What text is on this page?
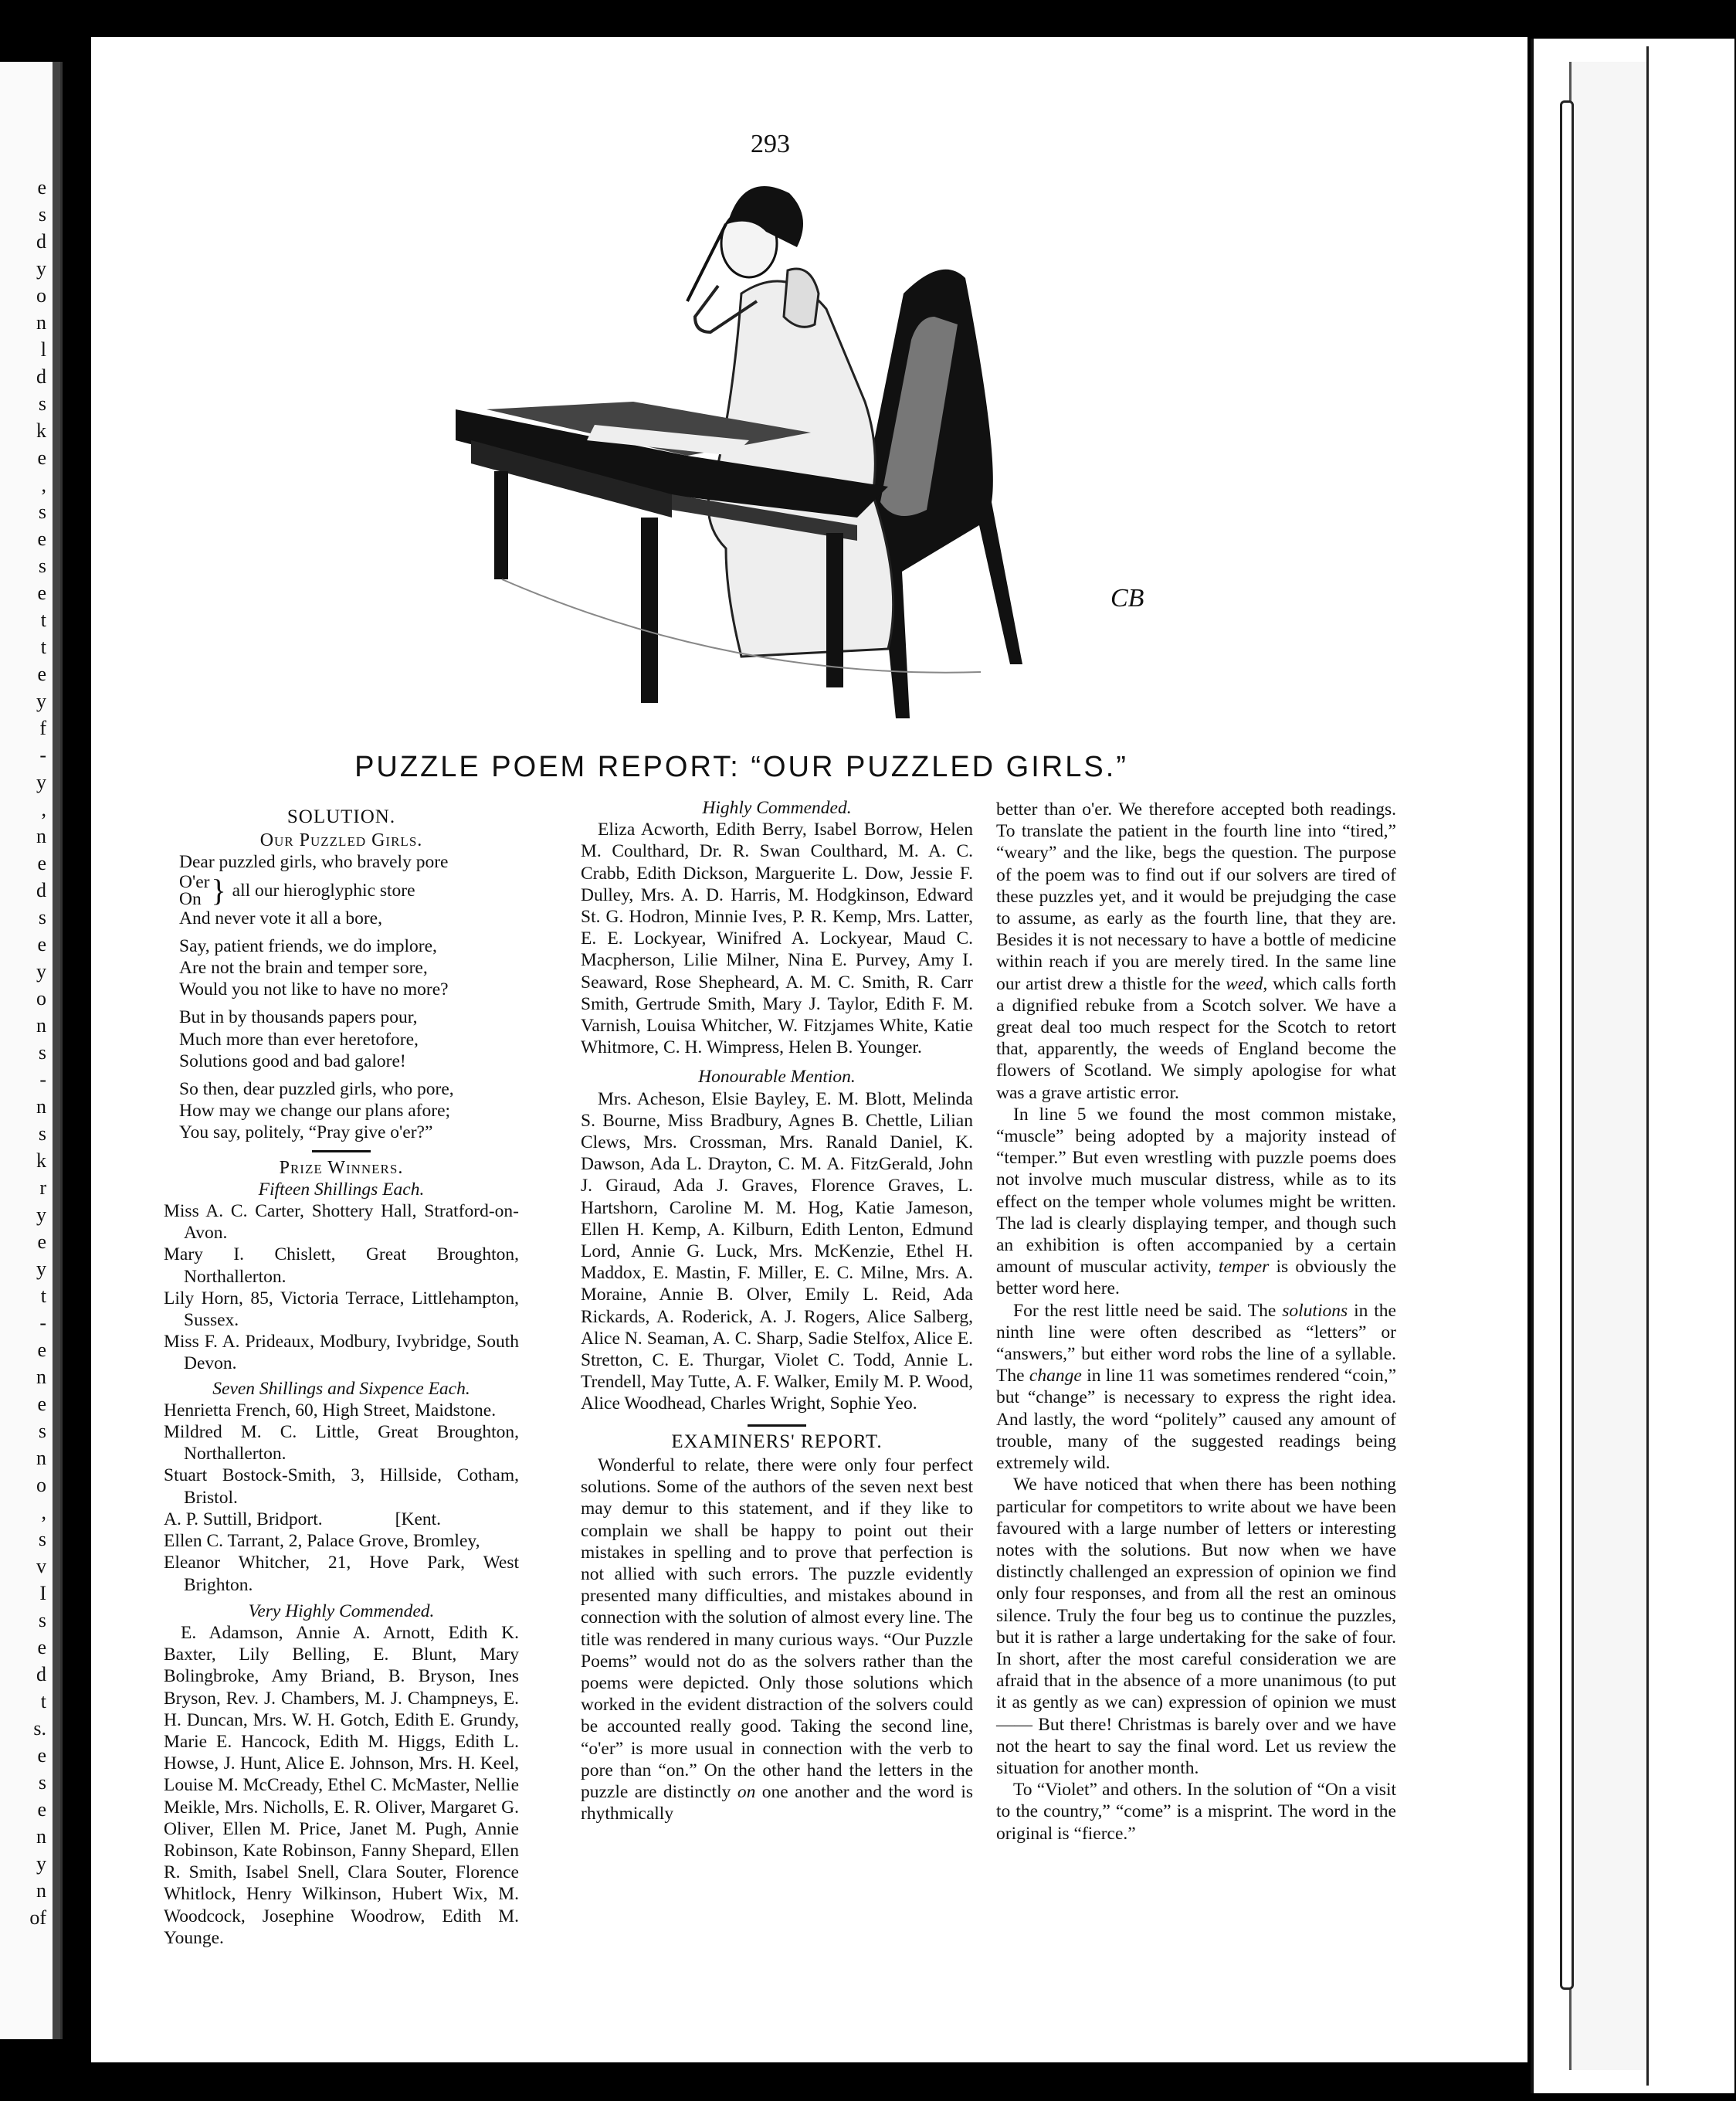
e
s
d
y
o
n
l
d
s
k
e
,
s
e
s
e
t
t
e
y
f
-
y
,
n
e
d
s
e
y
o
n
s
-
n
s
k
r
y
e
y
t
-
e
n
e
s
n
o
,
s
v
I
s
e
d
t
s.
e
s
e
n
y
n
of
293
CB
PUZZLE POEM REPORT: “OUR PUZZLED GIRLS.”
SOLUTION.
Our Puzzled Girls.

Dear puzzled girls, who bravely pore

O'er
On } all our hieroglyphic store

And never vote it all a bore,

Say, patient friends, we do implore,

Are not the brain and temper sore,

Would you not like to have no more?

But in by thousands papers pour,

Much more than ever heretofore,

Solutions good and bad galore!

So then, dear puzzled girls, who pore,

How may we change our plans afore;

You say, politely, “Pray give o'er?”

Prize Winners.
Fifteen Shillings Each.

Miss A. C. Carter, Shottery Hall, Stratford-on-Avon.

Mary I. Chislett, Great Broughton, Northallerton.

Lily Horn, 85, Victoria Terrace, Littlehampton, Sussex.

Miss F. A. Prideaux, Modbury, Ivybridge, South Devon.

Seven Shillings and Sixpence Each.

Henrietta French, 60, High Street, Maidstone.

Mildred M. C. Little, Great Broughton, Northallerton.

Stuart Bostock-Smith, 3, Hillside, Cotham, Bristol.

A. P. Suttill, Bridport.                [Kent.

Ellen C. Tarrant, 2, Palace Grove, Bromley,

Eleanor Whitcher, 21, Hove Park, West Brighton.

Very Highly Commended.

E. Adamson, Annie A. Arnott, Edith K. Baxter, Lily Belling, E. Blunt, Mary Bolingbroke, Amy Briand, B. Bryson, Ines Bryson, Rev. J. Chambers, M. J. Champneys, E. H. Duncan, Mrs. W. H. Gotch, Edith E. Grundy, Marie E. Hancock, Edith M. Higgs, Edith L. Howse, J. Hunt, Alice E. Johnson, Mrs. H. Keel, Louise M. McCready, Ethel C. McMaster, Nellie Meikle, Mrs. Nicholls, E. R. Oliver, Margaret G. Oliver, Ellen M. Price, Janet M. Pugh, Annie Robinson, Kate Robinson, Fanny Shepard, Ellen R. Smith, Isabel Snell, Clara Souter, Florence Whitlock, Henry Wilkinson, Hubert Wix, M. Woodcock, Josephine Woodrow, Edith M. Younge.

Highly Commended.

Eliza Acworth, Edith Berry, Isabel Borrow, Helen M. Coulthard, Dr. R. Swan Coulthard, M. A. C. Crabb, Edith Dickson, Marguerite L. Dow, Jessie F. Dulley, Mrs. A. D. Harris, M. Hodgkinson, Edward St. G. Hodron, Minnie Ives, P. R. Kemp, Mrs. Latter, E. E. Lockyear, Winifred A. Lockyear, Maud C. Macpherson, Lilie Milner, Nina E. Purvey, Amy I. Seaward, Rose Shepheard, A. M. C. Smith, R. Carr Smith, Gertrude Smith, Mary J. Taylor, Edith F. M. Varnish, Louisa Whitcher, W. Fitzjames White, Katie Whitmore, C. H. Wimpress, Helen B. Younger.

Honourable Mention.

Mrs. Acheson, Elsie Bayley, E. M. Blott, Melinda S. Bourne, Miss Bradbury, Agnes B. Chettle, Lilian Clews, Mrs. Crossman, Mrs. Ranald Daniel, K. Dawson, Ada L. Drayton, C. M. A. FitzGerald, John J. Giraud, Ada J. Graves, Florence Graves, L. Hartshorn, Caroline M. M. Hog, Katie Jameson, Ellen H. Kemp, A. Kilburn, Edith Lenton, Edmund Lord, Annie G. Luck, Mrs. McKenzie, Ethel H. Maddox, E. Mastin, F. Miller, E. C. Milne, Mrs. A. Moraine, Annie B. Olver, Emily L. Reid, Ada Rickards, A. Roderick, A. J. Rogers, Alice Salberg, Alice N. Seaman, A. C. Sharp, Sadie Stelfox, Alice E. Stretton, C. E. Thurgar, Violet C. Todd, Annie L. Trendell, May Tutte, A. F. Walker, Emily M. P. Wood, Alice Woodhead, Charles Wright, Sophie Yeo.

EXAMINERS' REPORT.

Wonderful to relate, there were only four perfect solutions. Some of the authors of the seven next best may demur to this statement, and if they like to complain we shall be happy to point out their mistakes in spelling and to prove that perfection is not allied with such errors. The puzzle evidently presented many difficulties, and mistakes abound in connection with the solution of almost every line. The title was rendered in many curious ways. “Our Puzzle Poems” would not do as the solvers rather than the poems were depicted. Only those solutions which worked in the evident distraction of the solvers could be accounted really good. Taking the second line, “o'er” is more usual in connection with the verb to pore than “on.” On the other hand the letters in the puzzle are distinctly on one another and the word is rhythmically

better than o'er. We therefore accepted both readings. To translate the patient in the fourth line into “tired,” “weary” and the like, begs the question. The purpose of the poem was to find out if our solvers are tired of these puzzles yet, and it would be prejudging the case to assume, as early as the fourth line, that they are. Besides it is not necessary to have a bottle of medicine within reach if you are merely tired. In the same line our artist drew a thistle for the weed, which calls forth a dignified rebuke from a Scotch solver. We have a great deal too much respect for the Scotch to retort that, apparently, the weeds of England become the flowers of Scotland. We simply apologise for what was a grave artistic error.

In line 5 we found the most common mistake, “muscle” being adopted by a majority instead of “temper.” But even wrestling with puzzle poems does not involve much muscular distress, while as to its effect on the temper whole volumes might be written. The lad is clearly displaying temper, and though such an exhibition is often accompanied by a certain amount of muscular activity, temper is obviously the better word here.

For the rest little need be said. The solutions in the ninth line were often described as “letters” or “answers,” but either word robs the line of a syllable. The change in line 11 was sometimes rendered “coin,” but “change” is necessary to express the right idea. And lastly, the word “politely” caused any amount of trouble, many of the suggested readings being extremely wild.

We have noticed that when there has been nothing particular for competitors to write about we have been favoured with a large number of letters or interesting notes with the solutions. But now when we have distinctly challenged an expression of opinion we find only four responses, and from all the rest an ominous silence. Truly the four beg us to continue the puzzles, but it is rather a large undertaking for the sake of four. In short, after the most careful consideration we are afraid that in the absence of a more unanimous (to put it as gently as we can) expression of opinion we must—— But there! Christmas is barely over and we have not the heart to say the final word. Let us review the situation for another month.

To “Violet” and others. In the solution of “On a visit to the country,” “come” is a misprint. The word in the original is “fierce.”
